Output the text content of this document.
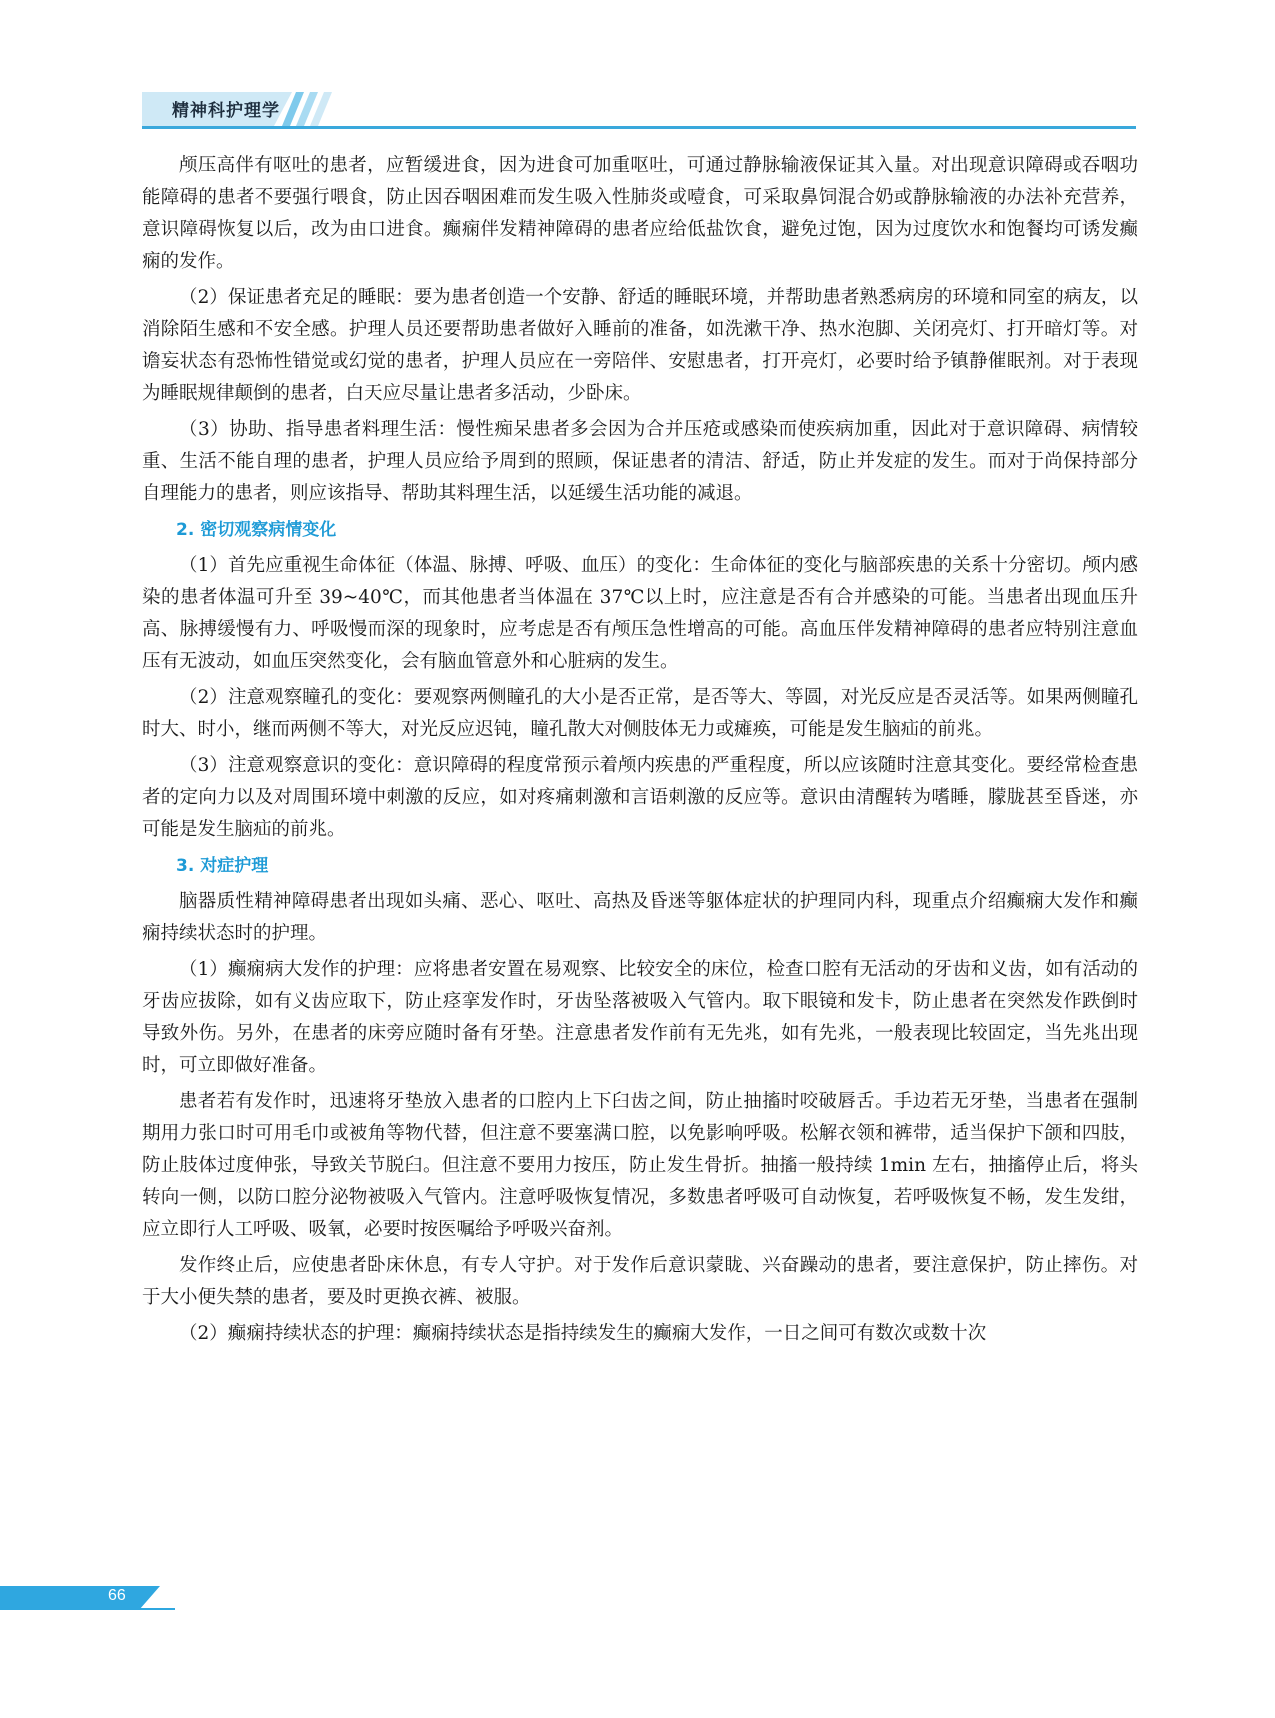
精神科护理学

颅压高伴有呕吐的患者，应暂缓进食，因为进食可加重呕吐，可通过静脉输液保证其入量。对出现意识障碍或吞咽功能障碍的患者不要强行喂食，防止因吞咽困难而发生吸入性肺炎或噎食，可采取鼻饲混合奶或静脉输液的办法补充营养，意识障碍恢复以后，改为由口进食。癫痫伴发精神障碍的患者应给低盐饮食，避免过饱，因为过度饮水和饱餐均可诱发癫痫的发作。

（2）保证患者充足的睡眠：要为患者创造一个安静、舒适的睡眠环境，并帮助患者熟悉病房的环境和同室的病友，以消除陌生感和不安全感。护理人员还要帮助患者做好入睡前的准备，如洗漱干净、热水泡脚、关闭亮灯、打开暗灯等。对谵妄状态有恐怖性错觉或幻觉的患者，护理人员应在一旁陪伴、安慰患者，打开亮灯，必要时给予镇静催眠剂。对于表现为睡眠规律颠倒的患者，白天应尽量让患者多活动，少卧床。

（3）协助、指导患者料理生活：慢性痴呆患者多会因为合并压疮或感染而使疾病加重，因此对于意识障碍、病情较重、生活不能自理的患者，护理人员应给予周到的照顾，保证患者的清洁、舒适，防止并发症的发生。而对于尚保持部分自理能力的患者，则应该指导、帮助其料理生活，以延缓生活功能的减退。

2. 密切观察病情变化

（1）首先应重视生命体征（体温、脉搏、呼吸、血压）的变化：生命体征的变化与脑部疾患的关系十分密切。颅内感染的患者体温可升至 39~40℃，而其他患者当体温在 37℃以上时，应注意是否有合并感染的可能。当患者出现血压升高、脉搏缓慢有力、呼吸慢而深的现象时，应考虑是否有颅压急性增高的可能。高血压伴发精神障碍的患者应特别注意血压有无波动，如血压突然变化，会有脑血管意外和心脏病的发生。

（2）注意观察瞳孔的变化：要观察两侧瞳孔的大小是否正常，是否等大、等圆，对光反应是否灵活等。如果两侧瞳孔时大、时小，继而两侧不等大，对光反应迟钝，瞳孔散大对侧肢体无力或瘫痪，可能是发生脑疝的前兆。

（3）注意观察意识的变化：意识障碍的程度常预示着颅内疾患的严重程度，所以应该随时注意其变化。要经常检查患者的定向力以及对周围环境中刺激的反应，如对疼痛刺激和言语刺激的反应等。意识由清醒转为嗜睡，朦胧甚至昏迷，亦可能是发生脑疝的前兆。

3. 对症护理

脑器质性精神障碍患者出现如头痛、恶心、呕吐、高热及昏迷等躯体症状的护理同内科，现重点介绍癫痫大发作和癫痫持续状态时的护理。

（1）癫痫病大发作的护理：应将患者安置在易观察、比较安全的床位，检查口腔有无活动的牙齿和义齿，如有活动的牙齿应拔除，如有义齿应取下，防止痉挛发作时，牙齿坠落被吸入气管内。取下眼镜和发卡，防止患者在突然发作跌倒时导致外伤。另外，在患者的床旁应随时备有牙垫。注意患者发作前有无先兆，如有先兆，一般表现比较固定，当先兆出现时，可立即做好准备。

患者若有发作时，迅速将牙垫放入患者的口腔内上下臼齿之间，防止抽搐时咬破唇舌。手边若无牙垫，当患者在强制期用力张口时可用毛巾或被角等物代替，但注意不要塞满口腔，以免影响呼吸。松解衣领和裤带，适当保护下颌和四肢，防止肢体过度伸张，导致关节脱臼。但注意不要用力按压，防止发生骨折。抽搐一般持续 1min 左右，抽搐停止后，将头转向一侧，以防口腔分泌物被吸入气管内。注意呼吸恢复情况，多数患者呼吸可自动恢复，若呼吸恢复不畅，发生发绀，应立即行人工呼吸、吸氧，必要时按医嘱给予呼吸兴奋剂。

发作终止后，应使患者卧床休息，有专人守护。对于发作后意识蒙眬、兴奋躁动的患者，要注意保护，防止摔伤。对于大小便失禁的患者，要及时更换衣裤、被服。

（2）癫痫持续状态的护理：癫痫持续状态是指持续发生的癫痫大发作，一日之间可有数次或数十次

66
